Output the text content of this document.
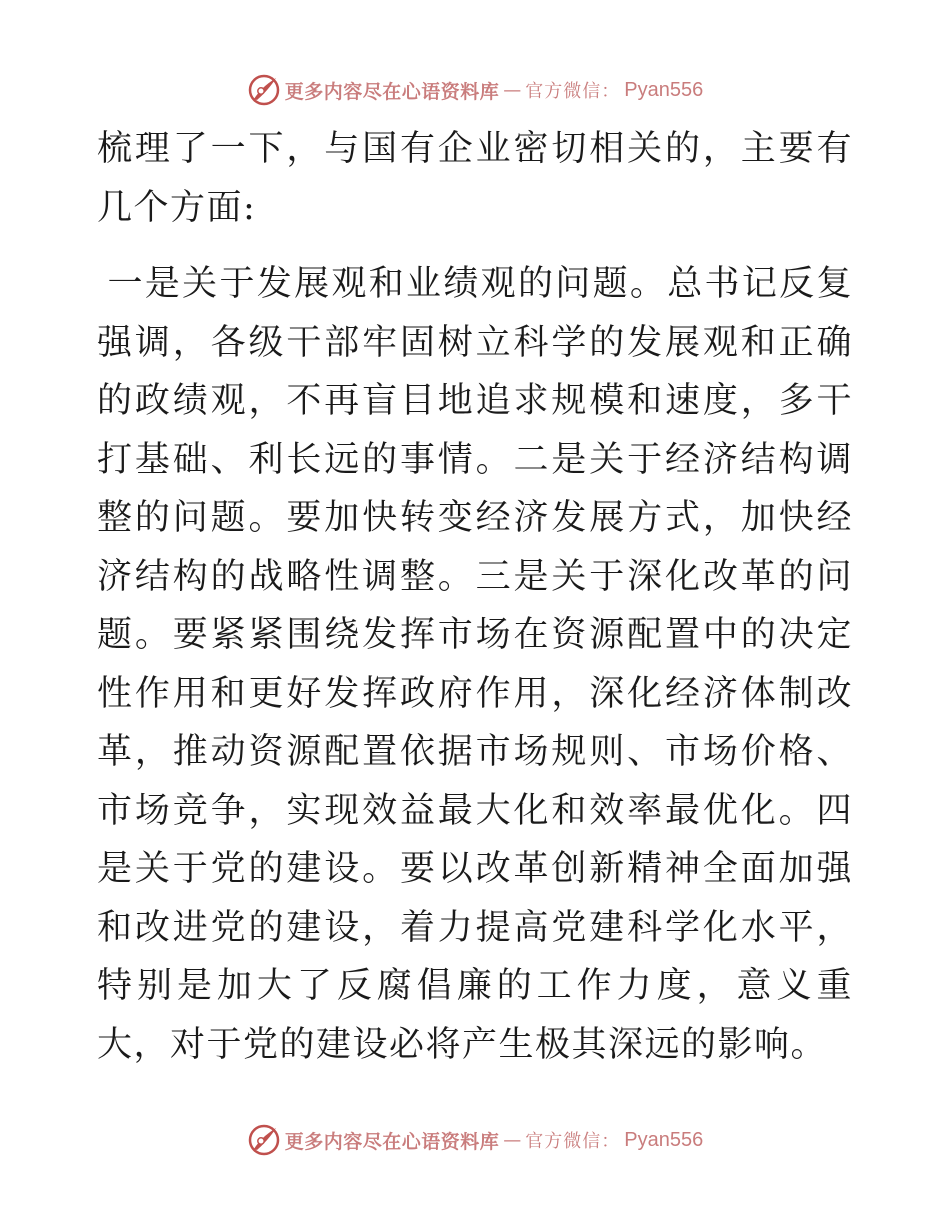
更多内容尽在心语资料库 — 官方微信： Pyan556

梳理了一下，与国有企业密切相关的，主要有几个方面:

一是关于发展观和业绩观的问题。总书记反复强调，各级干部牢固树立科学的发展观和正确的政绩观，不再盲目地追求规模和速度，多干打基础、利长远的事情。二是关于经济结构调整的问题。要加快转变经济发展方式，加快经济结构的战略性调整。三是关于深化改革的问题。要紧紧围绕发挥市场在资源配置中的决定性作用和更好发挥政府作用，深化经济体制改革，推动资源配置依据市场规则、市场价格、市场竞争，实现效益最大化和效率最优化。四是关于党的建设。要以改革创新精神全面加强和改进党的建设，着力提高党建科学化水平，特别是加大了反腐倡廉的工作力度，意义重大，对于党的建设必将产生极其深远的影响。

更多内容尽在心语资料库 — 官方微信： Pyan556
